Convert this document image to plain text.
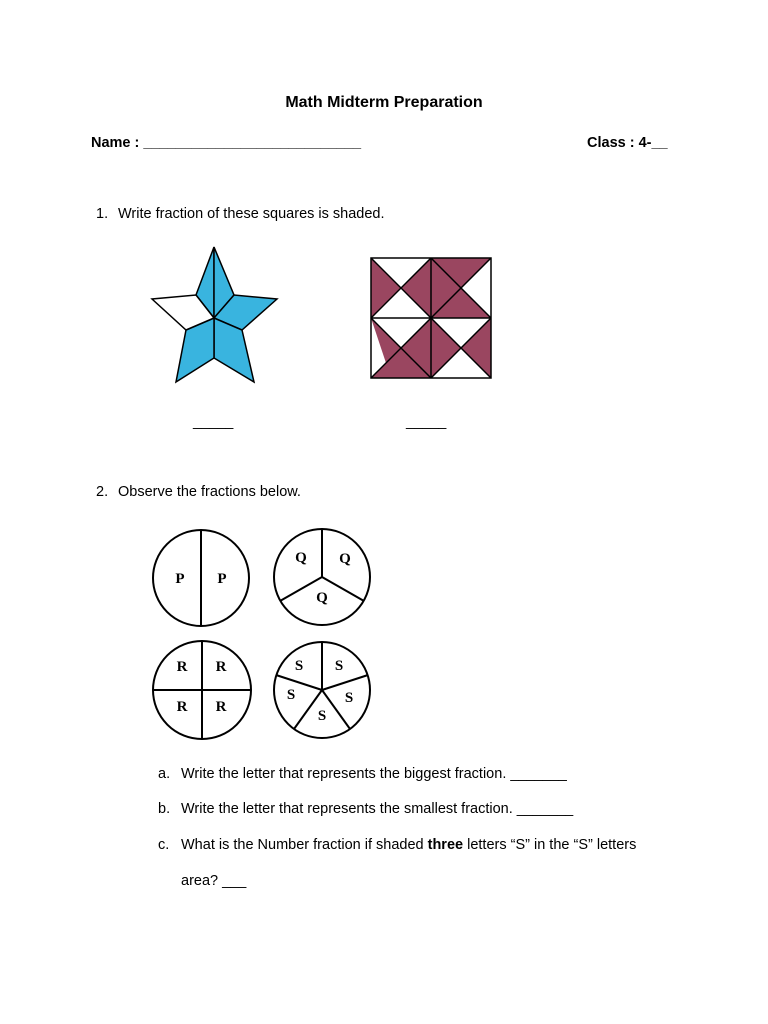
Math Midterm Preparation
Name : ___________________________	Class : 4-__
1. Write fraction of these squares is shaded.
_____	_____
2. Observe the fractions below.
P P
Q Q
Q
R R
R R
S S
S	S
S
a. Write the letter that represents the biggest fraction. _______
b. Write the letter that represents the smallest fraction. _______
c. What is the Number fraction if shaded three letters “S” in the “S” letters
area? ___
